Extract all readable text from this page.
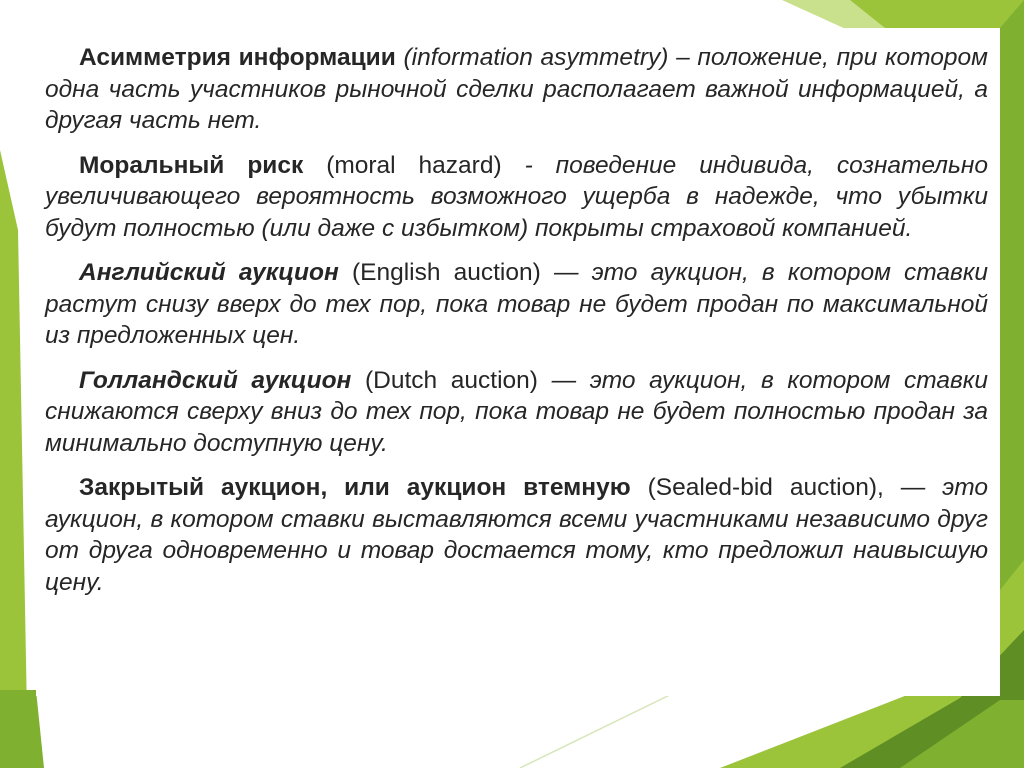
Асимметрия информации (information asymmetry) – положение, при котором одна часть участников рыночной сделки располагает важной информацией, а другая часть нет.

Моральный риск (moral hazard) - поведение индивида, сознательно увеличивающего вероятность возможного ущерба в надежде, что убытки будут полностью (или даже с избытком) покрыты страховой компанией.

Английский аукцион (English auction) — это аукцион, в котором ставки растут снизу вверх до тех пор, пока товар не будет продан по максимальной из предложенных цен.

Голландский аукцион (Dutch auction) — это аукцион, в котором ставки снижаются сверху вниз до тех пор, пока товар не будет полностью продан за минимально доступную цену.

Закрытый аукцион, или аукцион втемную (Sealed-bid auction), — это аукцион, в котором ставки выставляются всеми участниками независимо друг от друга одновременно и товар достается тому, кто предложил наивысшую цену.
